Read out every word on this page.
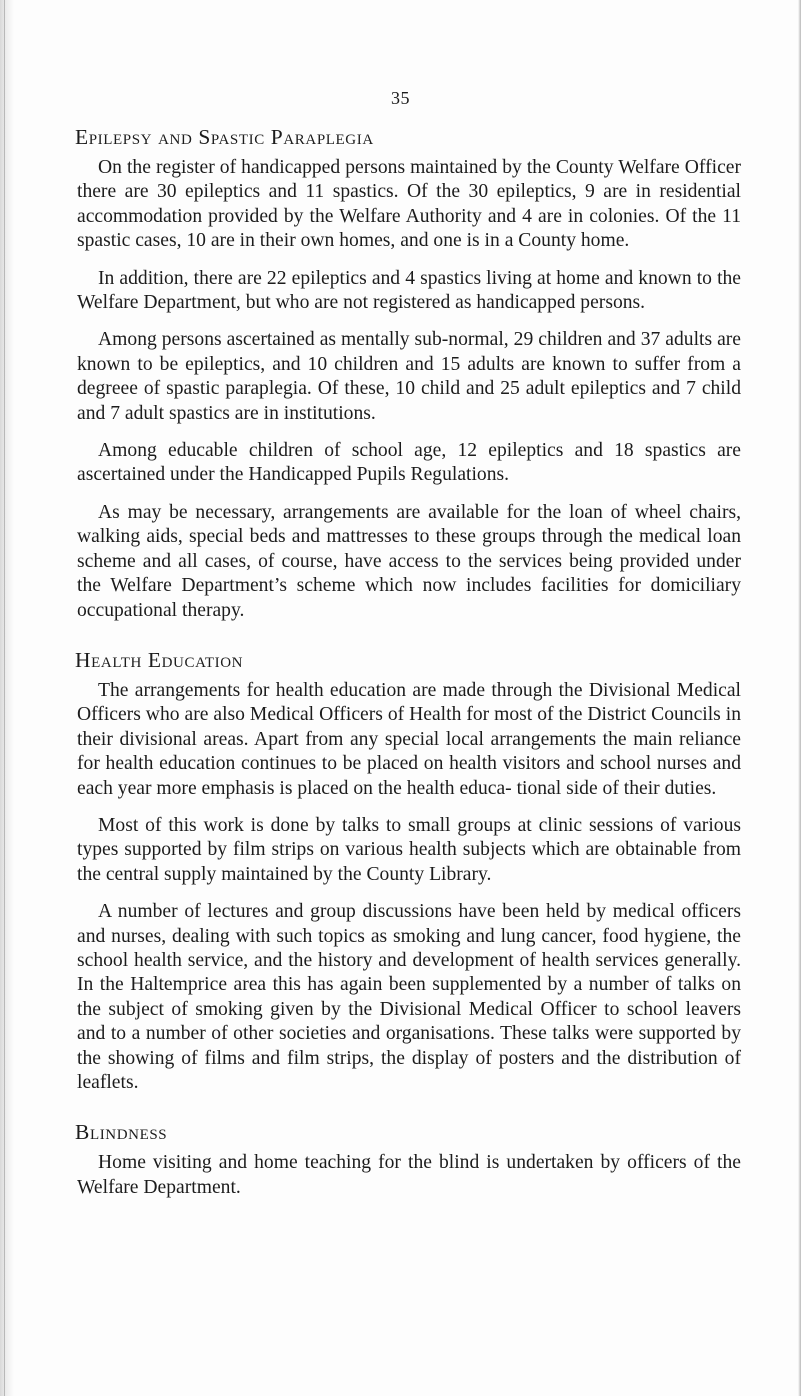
35
Epilepsy and Spastic Paraplegia

On the register of handicapped persons maintained by the County Welfare Officer there are 30 epileptics and 11 spastics. Of the 30 epileptics, 9 are in residential accommodation provided by the Welfare Authority and 4 are in colonies. Of the 11 spastic cases, 10 are in their own homes, and one is in a County home.

In addition, there are 22 epileptics and 4 spastics living at home and known to the Welfare Department, but who are not registered as handicapped persons.

Among persons ascertained as mentally sub-normal, 29 children and 37 adults are known to be epileptics, and 10 children and 15 adults are known to suffer from a degreee of spastic paraplegia. Of these, 10 child and 25 adult epileptics and 7 child and 7 adult spastics are in institutions.

Among educable children of school age, 12 epileptics and 18 spastics are ascertained under the Handicapped Pupils Regulations.

As may be necessary, arrangements are available for the loan of wheel chairs, walking aids, special beds and mattresses to these groups through the medical loan scheme and all cases, of course, have access to the services being provided under the Welfare Department’s scheme which now includes facilities for domiciliary occupational therapy.

Health Education

The arrangements for health education are made through the Divisional Medical Officers who are also Medical Officers of Health for most of the District Councils in their divisional areas. Apart from any special local arrangements the main reliance for health education continues to be placed on health visitors and school nurses and each year more emphasis is placed on the health educa- tional side of their duties.

Most of this work is done by talks to small groups at clinic sessions of various types supported by film strips on various health subjects which are obtainable from the central supply maintained by the County Library.

A number of lectures and group discussions have been held by medical officers and nurses, dealing with such topics as smoking and lung cancer, food hygiene, the school health service, and the history and development of health services generally. In the Haltemprice area this has again been supplemented by a number of talks on the subject of smoking given by the Divisional Medical Officer to school leavers and to a number of other societies and organisations. These talks were supported by the showing of films and film strips, the display of posters and the distribution of leaflets.

Blindness

Home visiting and home teaching for the blind is undertaken by officers of the Welfare Department.
